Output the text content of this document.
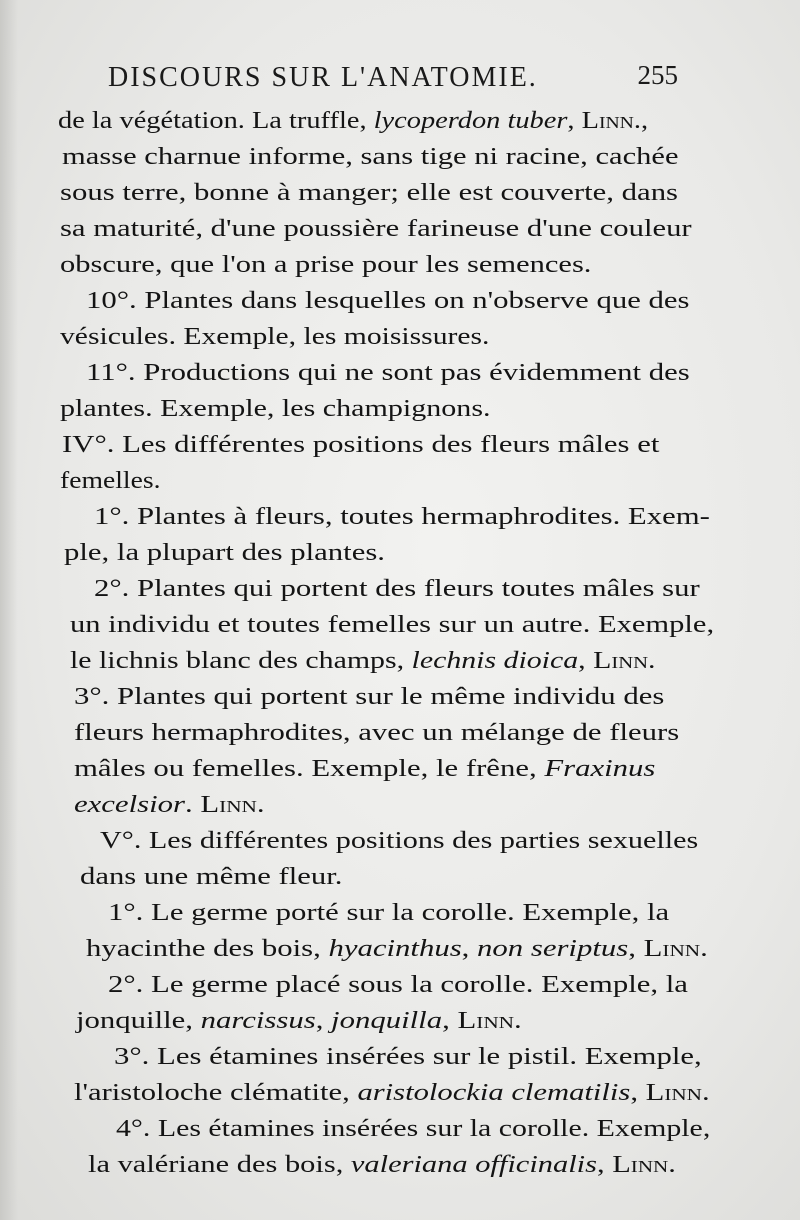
DISCOURS SUR L'ANATOMIE.	255
de la végétation. La truffle, lycoperdon tuber, Linn.,
masse charnue informe, sans tige ni racine, cachée
sous terre, bonne à manger; elle est couverte, dans
sa maturité, d'une poussière farineuse d'une couleur
obscure, que l'on a prise pour les semences.
10°. Plantes dans lesquelles on n'observe que des
vésicules. Exemple, les moisissures.
11°. Productions qui ne sont pas évidemment des
plantes. Exemple, les champignons.
IV°. Les différentes positions des fleurs mâles et
femelles.
1°. Plantes à fleurs, toutes hermaphrodites. Exem-
ple, la plupart des plantes.
2°. Plantes qui portent des fleurs toutes mâles sur
un individu et toutes femelles sur un autre. Exemple,
le lichnis blanc des champs, lechnis dioica, Linn.
3°. Plantes qui portent sur le même individu des
fleurs hermaphrodites, avec un mélange de fleurs
mâles ou femelles. Exemple, le frêne, Fraxinus
excelsior. Linn.
V°. Les différentes positions des parties sexuelles
dans une même fleur.
1°. Le germe porté sur la corolle. Exemple, la
hyacinthe des bois, hyacinthus, non seriptus, Linn.
2°. Le germe placé sous la corolle. Exemple, la
jonquille, narcissus, jonquilla, Linn.
3°. Les étamines insérées sur le pistil. Exemple,
l'aristoloche clématite, aristolockia clematilis, Linn.
4°. Les étamines insérées sur la corolle. Exemple,
la valériane des bois, valeriana officinalis, Linn.
